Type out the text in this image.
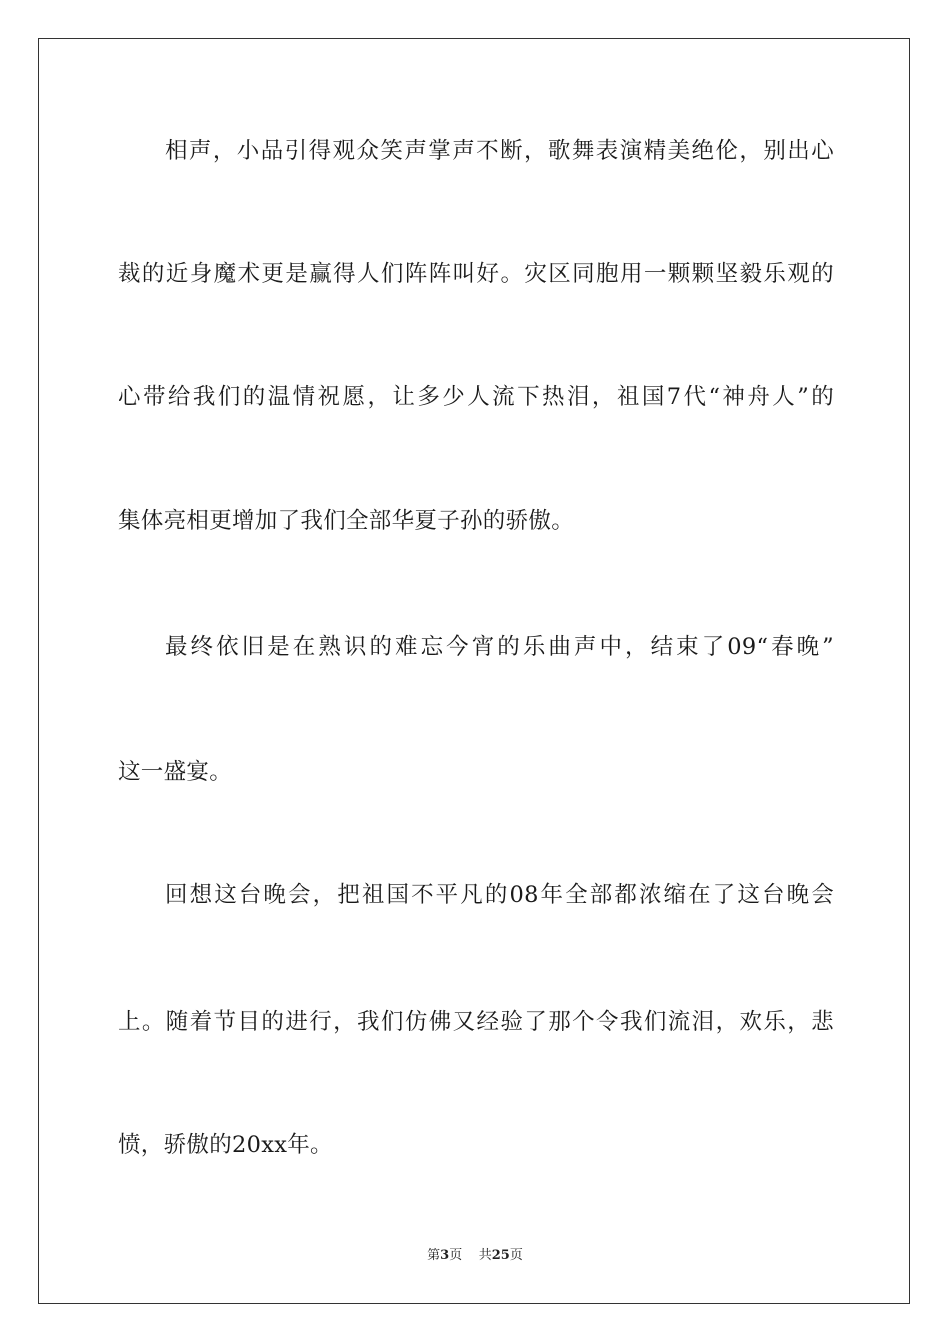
相声，小品引得观众笑声掌声不断，歌舞表演精美绝伦，别出心
裁的近身魔术更是赢得人们阵阵叫好。灾区同胞用一颗颗坚毅乐观的
心带给我们的温情祝愿，让多少人流下热泪，祖国7代“神舟人”的
集体亮相更增加了我们全部华夏子孙的骄傲。
最终依旧是在熟识的难忘今宵的乐曲声中，结束了09“春晚”
这一盛宴。
回想这台晚会，把祖国不平凡的08年全部都浓缩在了这台晚会
上。随着节目的进行，我们仿佛又经验了那个令我们流泪，欢乐，悲
愤，骄傲的20xx年。
第3页 共25页
